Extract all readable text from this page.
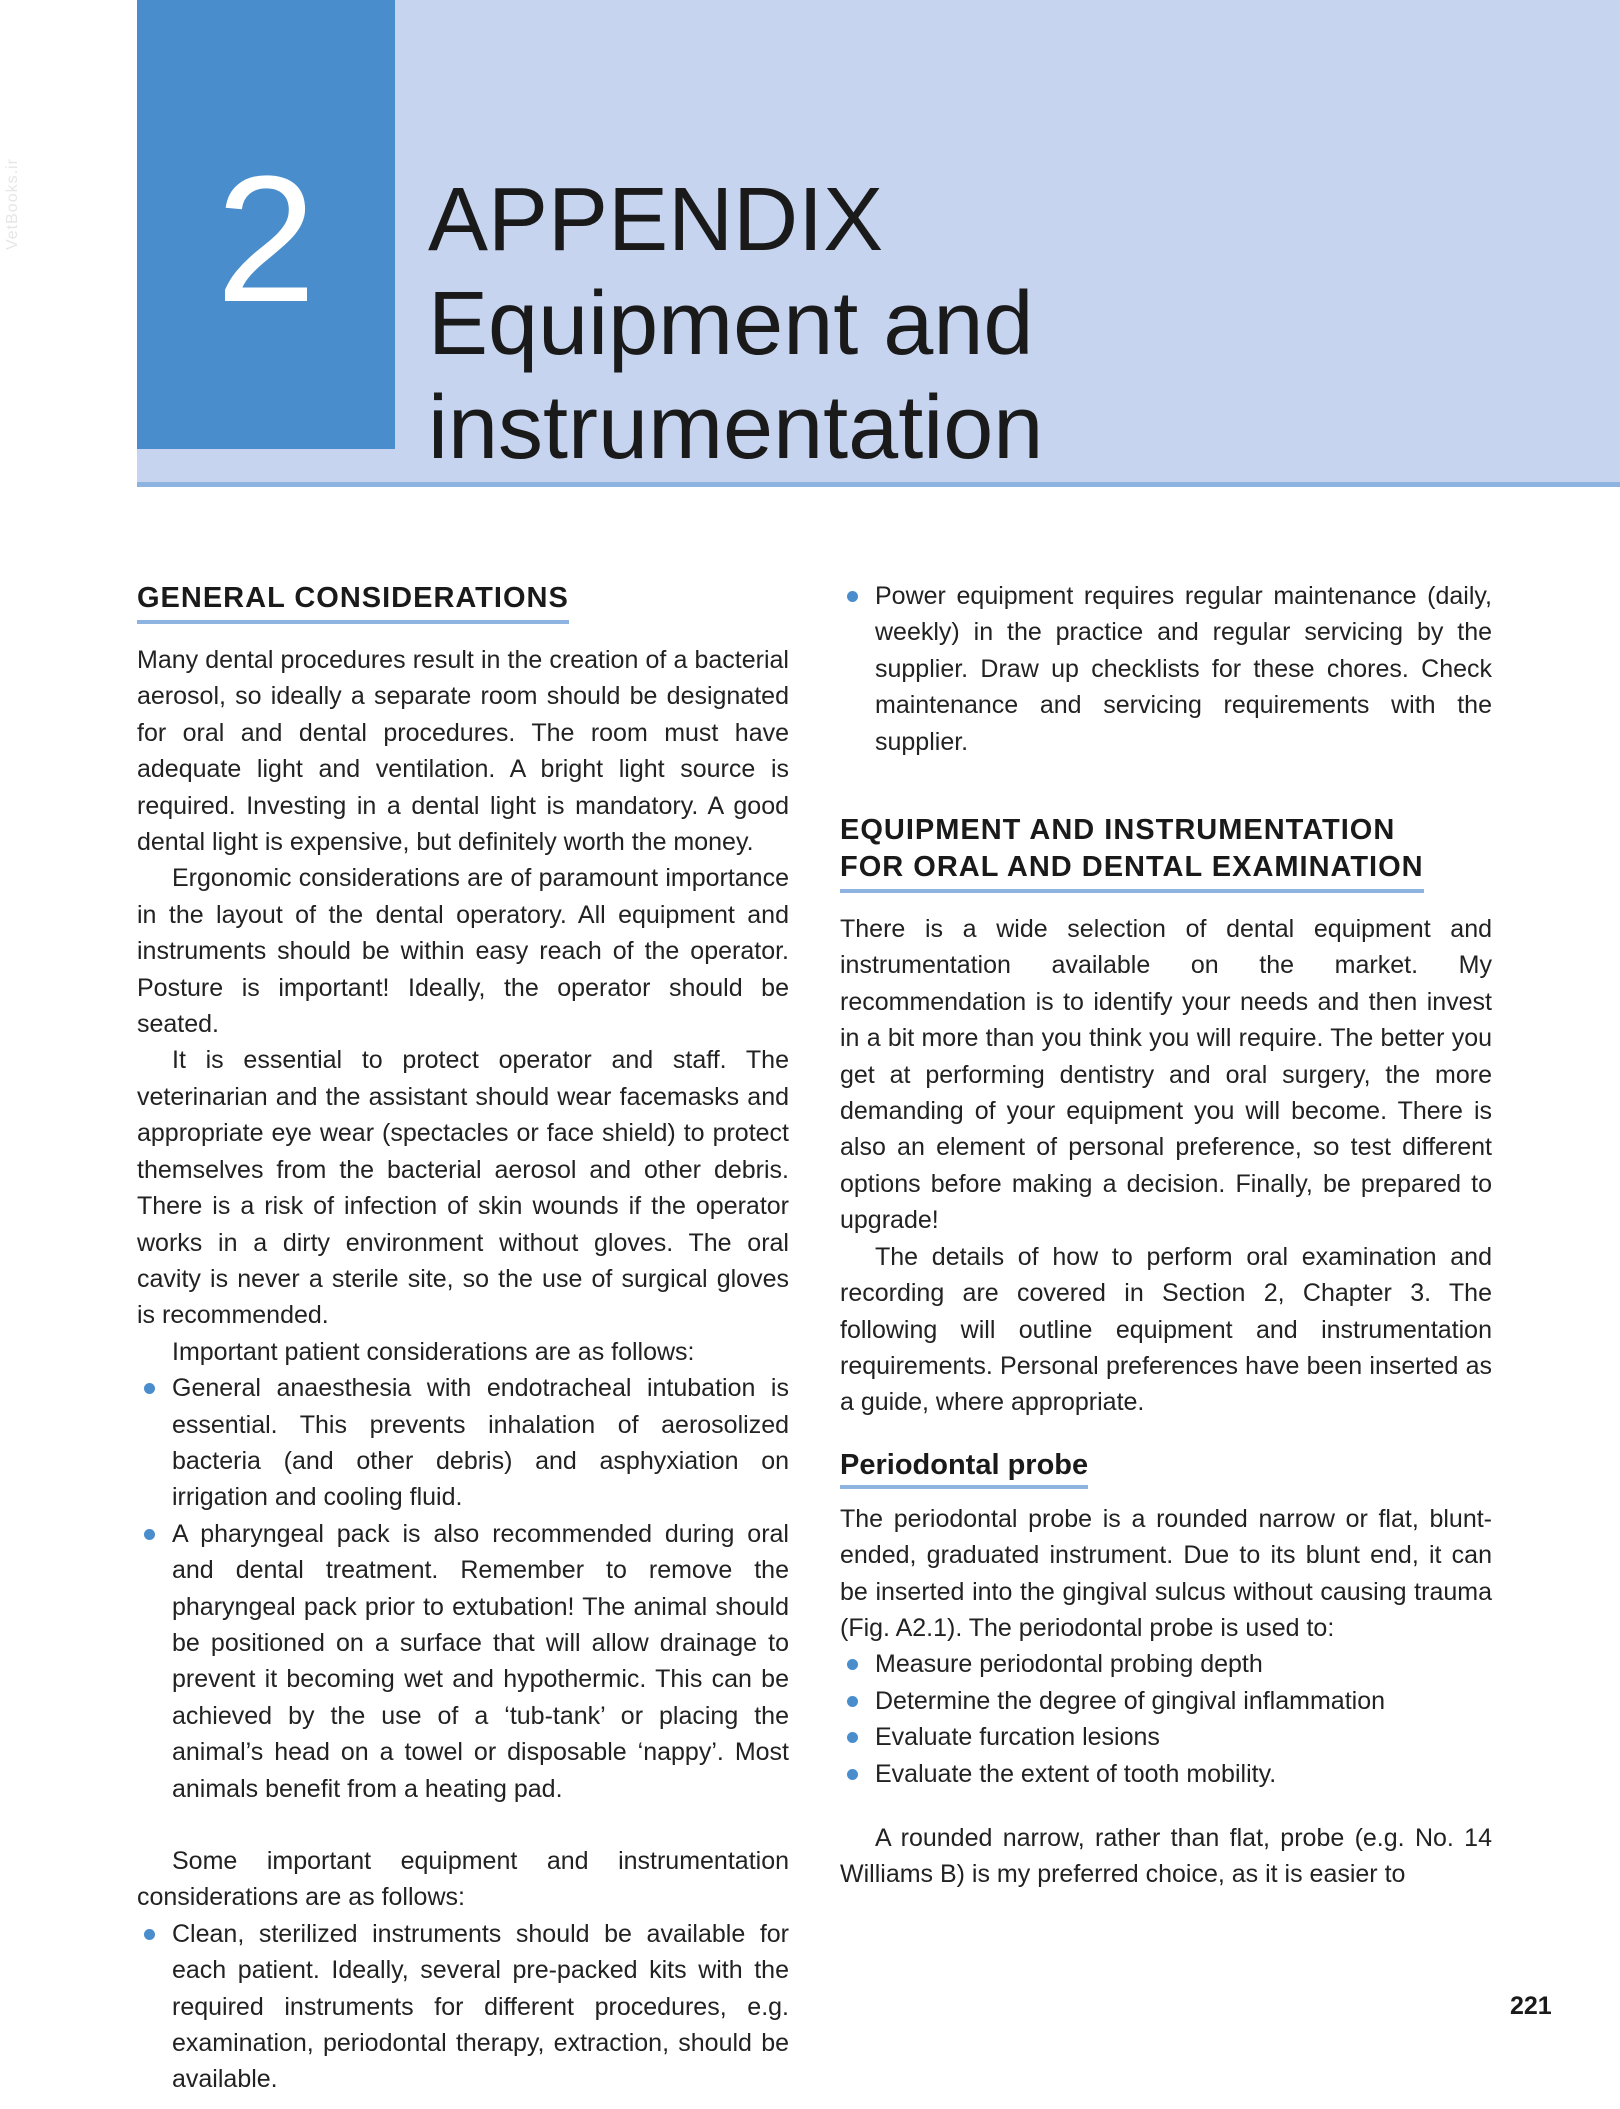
2
VetBooks.ir	APPENDIX
Equipment and
instrumentation
GENERAL CONSIDERATIONS

Many dental procedures result in the creation of a bacterial aerosol, so ideally a separate room should be designated for oral and dental procedures. The room must have adequate light and ventilation. A bright light source is required. Investing in a dental light is mandatory. A good dental light is expensive, but definitely worth the money.

Ergonomic considerations are of paramount importance in the layout of the dental operatory. All equipment and instruments should be within easy reach of the operator. Posture is important! Ideally, the operator should be seated.

It is essential to protect operator and staff. The veterinarian and the assistant should wear facemasks and appropriate eye wear (spectacles or face shield) to protect themselves from the bacterial aerosol and other debris. There is a risk of infection of skin wounds if the operator works in a dirty environment without gloves. The oral cavity is never a sterile site, so the use of surgical gloves is recommended.

Important patient considerations are as follows:

General anaesthesia with endotracheal intubation is essential. This prevents inhalation of aerosolized bacteria (and other debris) and asphyxiation on irrigation and cooling fluid.
A pharyngeal pack is also recommended during oral and dental treatment. Remember to remove the pharyngeal pack prior to extubation! The animal should be positioned on a surface that will allow drainage to prevent it becoming wet and hypothermic. This can be achieved by the use of a ‘tub-tank’ or placing the animal’s head on a towel or disposable ‘nappy’. Most animals benefit from a heating pad.

Some important equipment and instrumentation considerations are as follows:

Clean, sterilized instruments should be available for each patient. Ideally, several pre-packed kits with the required instruments for different procedures, e.g. examination, periodontal therapy, extraction, should be available.
Power equipment requires regular maintenance (daily, weekly) in the practice and regular servicing by the supplier. Draw up checklists for these chores. Check maintenance and servicing requirements with the supplier.
EQUIPMENT AND INSTRUMENTATION
FOR ORAL AND DENTAL EXAMINATION

There is a wide selection of dental equipment and instrumentation available on the market. My recommendation is to identify your needs and then invest in a bit more than you think you will require. The better you get at performing dentistry and oral surgery, the more demanding of your equipment you will become. There is also an element of personal preference, so test different options before making a decision. Finally, be prepared to upgrade!

The details of how to perform oral examination and recording are covered in Section 2, Chapter 3. The following will outline equipment and instrumentation requirements. Personal preferences have been inserted as a guide, where appropriate.

Periodontal probe

The periodontal probe is a rounded narrow or flat, blunt-ended, graduated instrument. Due to its blunt end, it can be inserted into the gingival sulcus without causing trauma (Fig. A2.1). The periodontal probe is used to:

Measure periodontal probing depth
Determine the degree of gingival inflammation
Evaluate furcation lesions
Evaluate the extent of tooth mobility.

A rounded narrow, rather than flat, probe (e.g. No. 14 Williams B) is my preferred choice, as it is easier to

221
